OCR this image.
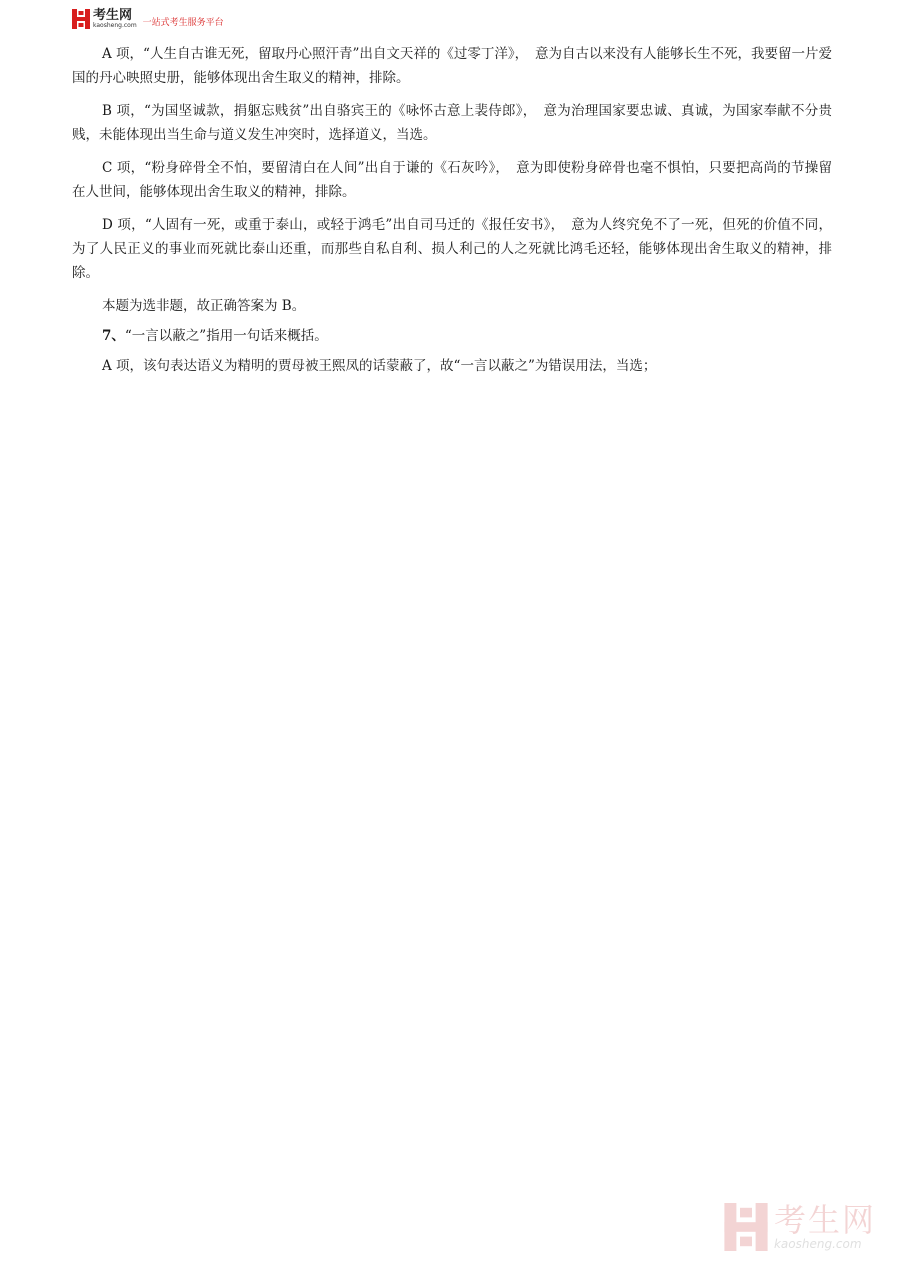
考生网
kaosheng.com 一站式考生服务平台

A 项，“人生自古谁无死，留取丹心照汗青”出自文天祥的《过零丁洋》，　意为自古以来没有人能够长生不死，我要留一片爱国的丹心映照史册，能够体现出舍生取义的精神，排除。

B 项，“为国坚诚款，捐躯忘贱贫”出自骆宾王的《咏怀古意上裴侍郎》，　意为治理国家要忠诚、真诚，为国家奉献不分贵贱，未能体现出当生命与道义发生冲突时，选择道义，当选。

C 项，“粉身碎骨全不怕，要留清白在人间”出自于谦的《石灰吟》，　意为即使粉身碎骨也毫不惧怕，只要把高尚的节操留在人世间，能够体现出舍生取义的精神，排除。

D 项，“人固有一死，或重于泰山，或轻于鸿毛”出自司马迁的《报任安书》，　意为人终究免不了一死，但死的价值不同，为了人民正义的事业而死就比泰山还重，而那些自私自利、损人利己的人之死就比鸿毛还轻，能够体现出舍生取义的精神，排除。

本题为选非题，故正确答案为 B。

7、“一言以蔽之”指用一句话来概括。

A 项，该句表达语义为精明的贾母被王熙凤的话蒙蔽了，故“一言以蔽之”为错误用法，当选；

考生网
kaosheng.com
